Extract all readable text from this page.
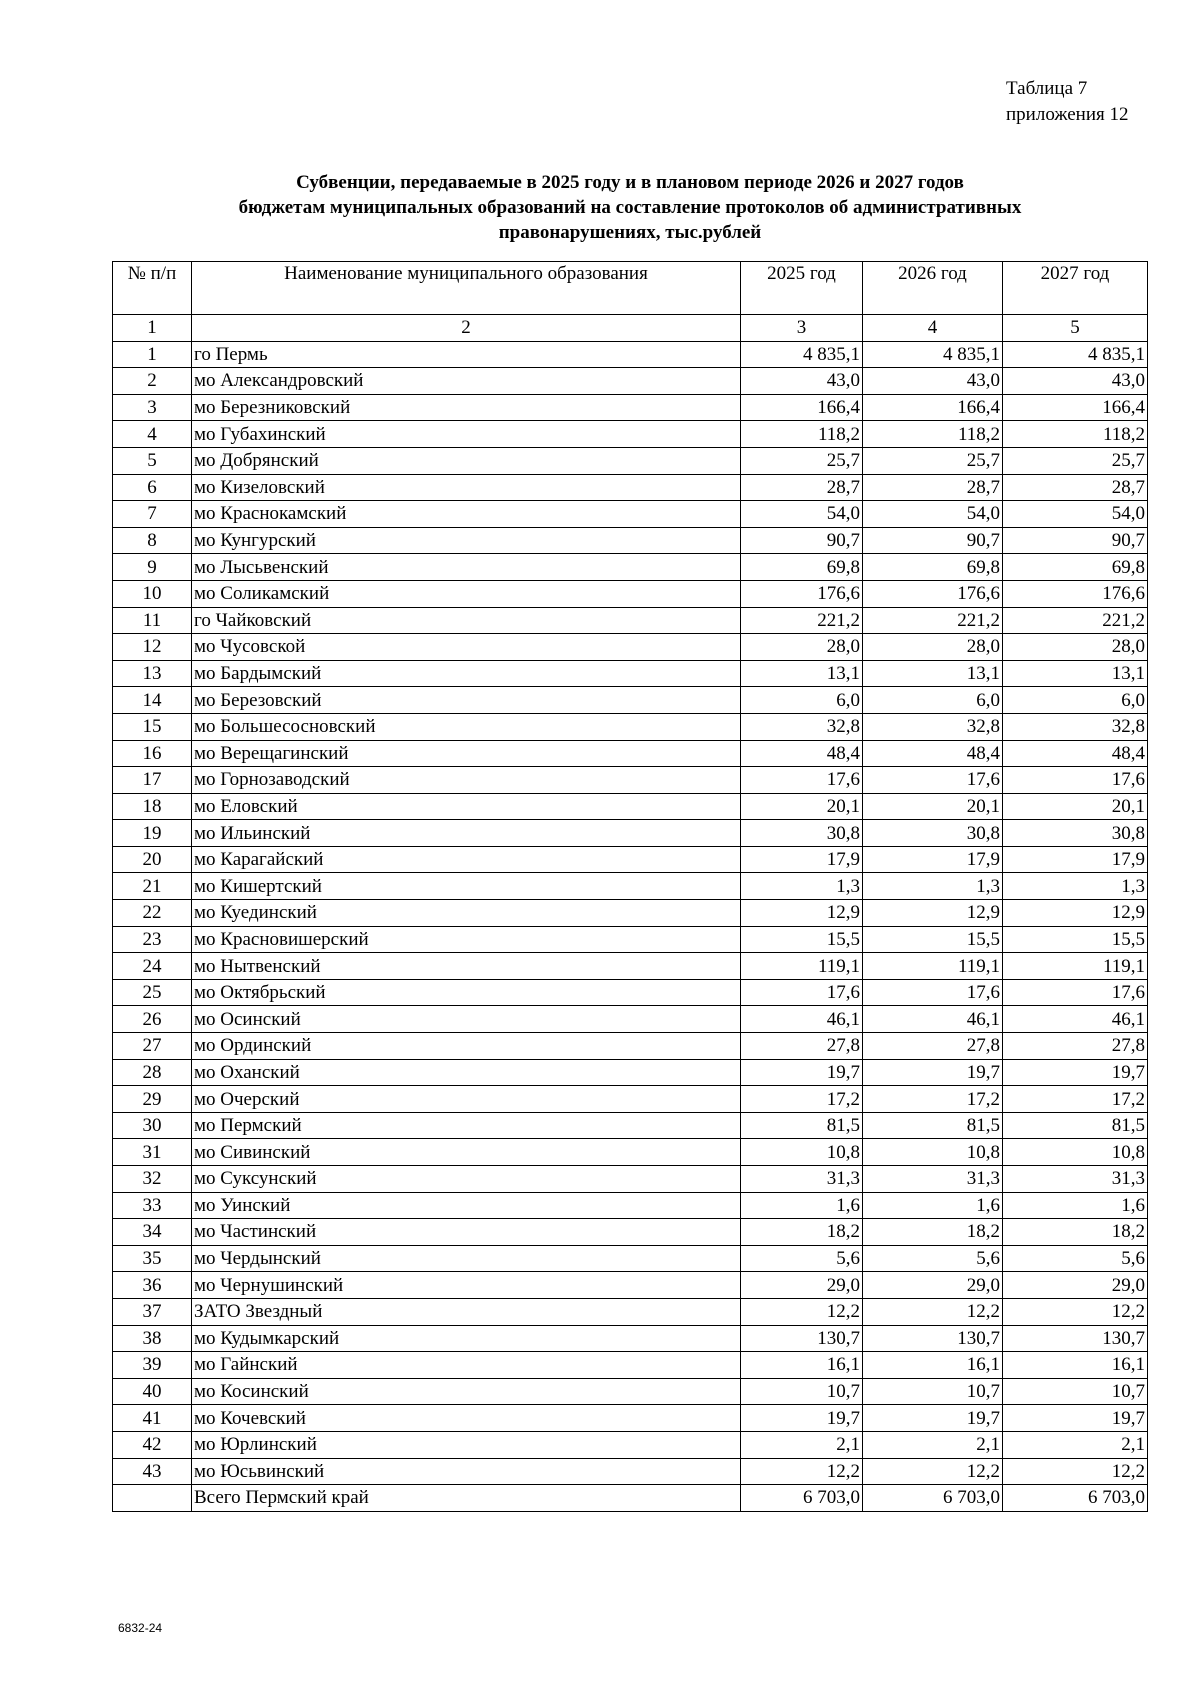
Таблица 7
приложения 12
Субвенции, передаваемые в 2025 году и в плановом периоде 2026 и 2027 годов
бюджетам муниципальных образований на составление протоколов об административных
правонарушениях, тыс.рублей
№ п/п	Наименование муниципального образования	2025 год	2026 год	2027 год
1	2	3	4	5
1	го Пермь	4 835,1	4 835,1	4 835,1
2	мо Александровский	43,0	43,0	43,0
3	мо Березниковский	166,4	166,4	166,4
4	мо Губахинский	118,2	118,2	118,2
5	мо Добрянский	25,7	25,7	25,7
6	мо Кизеловский	28,7	28,7	28,7
7	мо Краснокамский	54,0	54,0	54,0
8	мо Кунгурский	90,7	90,7	90,7
9	мо Лысьвенский	69,8	69,8	69,8
10	мо Соликамский	176,6	176,6	176,6
11	го Чайковский	221,2	221,2	221,2
12	мо Чусовской	28,0	28,0	28,0
13	мо Бардымский	13,1	13,1	13,1
14	мо Березовский	6,0	6,0	6,0
15	мо Большесосновский	32,8	32,8	32,8
16	мо Верещагинский	48,4	48,4	48,4
17	мо Горнозаводский	17,6	17,6	17,6
18	мо Еловский	20,1	20,1	20,1
19	мо Ильинский	30,8	30,8	30,8
20	мо Карагайский	17,9	17,9	17,9
21	мо Кишертский	1,3	1,3	1,3
22	мо Куединский	12,9	12,9	12,9
23	мо Красновишерский	15,5	15,5	15,5
24	мо Нытвенский	119,1	119,1	119,1
25	мо Октябрьский	17,6	17,6	17,6
26	мо Осинский	46,1	46,1	46,1
27	мо Ординский	27,8	27,8	27,8
28	мо Оханский	19,7	19,7	19,7
29	мо Очерский	17,2	17,2	17,2
30	мо Пермский	81,5	81,5	81,5
31	мо Сивинский	10,8	10,8	10,8
32	мо Суксунский	31,3	31,3	31,3
33	мо Уинский	1,6	1,6	1,6
34	мо Частинский	18,2	18,2	18,2
35	мо Чердынский	5,6	5,6	5,6
36	мо Чернушинский	29,0	29,0	29,0
37	ЗАТО Звездный	12,2	12,2	12,2
38	мо Кудымкарский	130,7	130,7	130,7
39	мо Гайнский	16,1	16,1	16,1
40	мо Косинский	10,7	10,7	10,7
41	мо Кочевский	19,7	19,7	19,7
42	мо Юрлинский	2,1	2,1	2,1
43	мо Юсьвинский	12,2	12,2	12,2
	Всего Пермский край	6 703,0	6 703,0	6 703,0
6832-24
